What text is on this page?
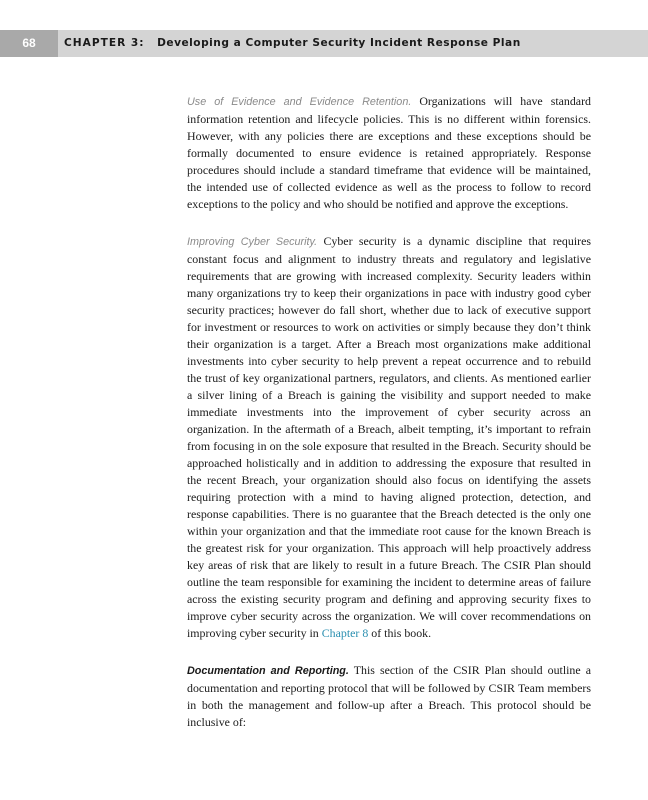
68	CHAPTER 3: Developing a Computer Security Incident Response Plan

Use of Evidence and Evidence Retention. Organizations will have standard information retention and lifecycle policies. This is no different within forensics. However, with any policies there are exceptions and these exceptions should be formally documented to ensure evidence is retained appropriately. Response procedures should include a standard timeframe that evidence will be maintained, the intended use of collected evidence as well as the process to follow to record exceptions to the policy and who should be notified and approve the exceptions.

Improving Cyber Security. Cyber security is a dynamic discipline that requires constant focus and alignment to industry threats and regulatory and legislative requirements that are growing with increased complexity. Security leaders within many organizations try to keep their organizations in pace with industry good cyber security practices; however do fall short, whether due to lack of executive support for investment or resources to work on activities or simply because they don’t think their organization is a target. After a Breach most organizations make additional investments into cyber security to help prevent a repeat occurrence and to rebuild the trust of key organizational partners, regulators, and clients. As mentioned earlier a silver lining of a Breach is gaining the visibility and support needed to make immediate investments into the improvement of cyber security across an organization. In the aftermath of a Breach, albeit tempting, it’s important to refrain from focusing in on the sole exposure that resulted in the Breach. Security should be approached holistically and in addition to addressing the exposure that resulted in the recent Breach, your organization should also focus on identifying the assets requiring protection with a mind to having aligned protection, detection, and response capabilities. There is no guarantee that the Breach detected is the only one within your organization and that the immediate root cause for the known Breach is the greatest risk for your organization. This approach will help proactively address key areas of risk that are likely to result in a future Breach. The CSIR Plan should outline the team responsible for examining the incident to determine areas of failure across the existing security program and defining and approving security fixes to improve cyber security across the organization. We will cover recommendations on improving cyber security in Chapter 8 of this book.

Documentation and Reporting. This section of the CSIR Plan should outline a documentation and reporting protocol that will be followed by CSIR Team members in both the management and follow-up after a Breach. This protocol should be inclusive of:
